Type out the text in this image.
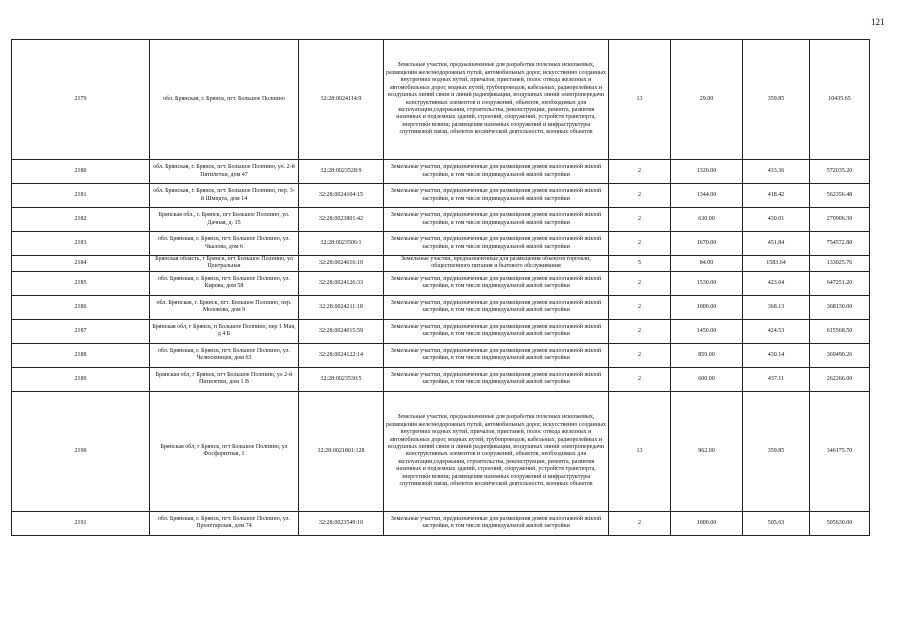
121
2179	обл. Брянская, г. Брянск, пгт. Большое Полпино	32:28:0024114:9	Земельные участки, предназначенные для разработки полезных ископаемых, размещения железнодорожных путей, автомобильных дорог, искусственно созданных внутренних водных путей, причалов, пристаней, полос отвода железных и автомобильных дорог, водных путей, трубопроводов, кабельных, радиорелейных и воздушных линий связи и линий радиофикации, воздушных линий электропередачи конструктивных элементов и сооружений, объектов, необходимых для эксплуатации,содержания, строительства, реконструкции, ремонта, развития наземных и подземных зданий, строений, сооружений, устройств транспорта, энергетики исвязи; размещения наземных сооружений и инфраструктуры спутниковой связи, объектов космической деятельности, военных объектов	13	29.00	359.85	10435.65
2180	обл. Брянская, г. Брянск, пгт. Большое Полпино, ул. 2-й Пятилетки, дом 47	32:28:0023528:9	Земельные участки, предназначенные для размещения домов малоэтажной жилой застройки, в том числе индивидуальной жилой застройки	2	1320.00	433.36	572035.20
2181	обл. Брянская, г. Брянск, пгт. Большое Полпино, пер. 3-й Шмидта, дом 14	32:28:0024104:15	Земельные участки, предназначенные для размещения домов малоэтажной жилой застройки, в том числе индивидуальной жилой застройки	2	1344.00	418.42	562356.48
2182	Брянская обл., г. Брянск, пгт Большое Полпино, ул. Дачная, д. 15	32:28:0023801:42	Земельные участки, предназначенные для размещения домов малоэтажной жилой застройки, в том числе индивидуальной жилой застройки	2	630.00	430.01	270906.30
2183	обл. Брянская, г. Брянск, пгт. Большое Полпино, ул. Чкалова, дом 6	32:28:0023506:1	Земельные участки, предназначенные для размещения домов малоэтажной жилой застройки, в том числе индивидуальной жилой застройки	2	1670.00	451.84	754572.80
2184	Брянская область, г Брянск, пгт Большое Полпино, ул Центральная	32:28:0024016:10	Земельные участки, предназначенные для размещения объектов торговли, общественного питания и бытового обслуживания	5	84.00	1583.64	133025.76
2185	обл. Брянская, г. Брянск, пгт. Большое Полпино, ул. Кирова, дом 58	32:28:0024126:33	Земельные участки, предназначенные для размещения домов малоэтажной жилой застройки, в том числе индивидуальной жилой застройки	2	1530.00	423.04	647251.20
2186	обл. Брянская, г. Брянск, пгт. Большое Полпино, пер. Молокова, дом 9	32:28:0024211:18	Земельные участки, предназначенные для размещения домов малоэтажной жилой застройки, в том числе индивидуальной жилой застройки	2	1000.00	368.13	368130.00
2187	Брянская обл, г Брянск, п Большое Полпино, пер 1 Мая, д 4 Б	32:28:0024015:59	Земельные участки, предназначенные для размещения домов малоэтажной жилой застройки, в том числе индивидуальной жилой застройки	2	1450.00	424.53	615568.50
2188	обл. Брянская, г. Брянск, пгт. Большое Полпино, ул. Челюскинцев, дом 63	32:28:0024122:14	Земельные участки, предназначенные для размещения домов малоэтажной жилой застройки, в том числе индивидуальной жилой застройки	2	859.00	430.14	369490.26
2189	Брянская обл, г Брянск, пгт Большое Полпино, ул 2-й Пятилетки, дом 1 В	32:28:0023530:5	Земельные участки, предназначенные для размещения домов малоэтажной жилой застройки, в том числе индивидуальной жилой застройки	2	600.00	437.11	262266.00
2190	Брянская обл, г Брянск, пгт Большое Полпино, ул Фосфоритная, 1	32:28:0021801:128	Земельные участки, предназначенные для разработки полезных ископаемых, размещения железнодорожных путей, автомобильных дорог, искусственно созданных внутренних водных путей, причалов, пристаней, полос отвода железных и автомобильных дорог, водных путей, трубопроводов, кабельных, радиорелейных и воздушных линий связи и линий радиофикации, воздушных линий электропередачи конструктивных элементов и сооружений, объектов, необходимых для эксплуатации,содержания, строительства, реконструкции, ремонта, развития наземных и подземных зданий, строений, сооружений, устройств транспорта, энергетики исвязи; размещения наземных сооружений и инфраструктуры спутниковой связи, объектов космической деятельности, военных объектов	13	962.00	359.85	346175.70
2191	обл. Брянская, г. Брянск, пгт. Большое Полпино, ул. Пролетарская, дом 74	32:28:0023549:10	Земельные участки, предназначенные для размещения домов малоэтажной жилой застройки, в том числе индивидуальной жилой застройки	2	1000.00	505.63	505630.00
